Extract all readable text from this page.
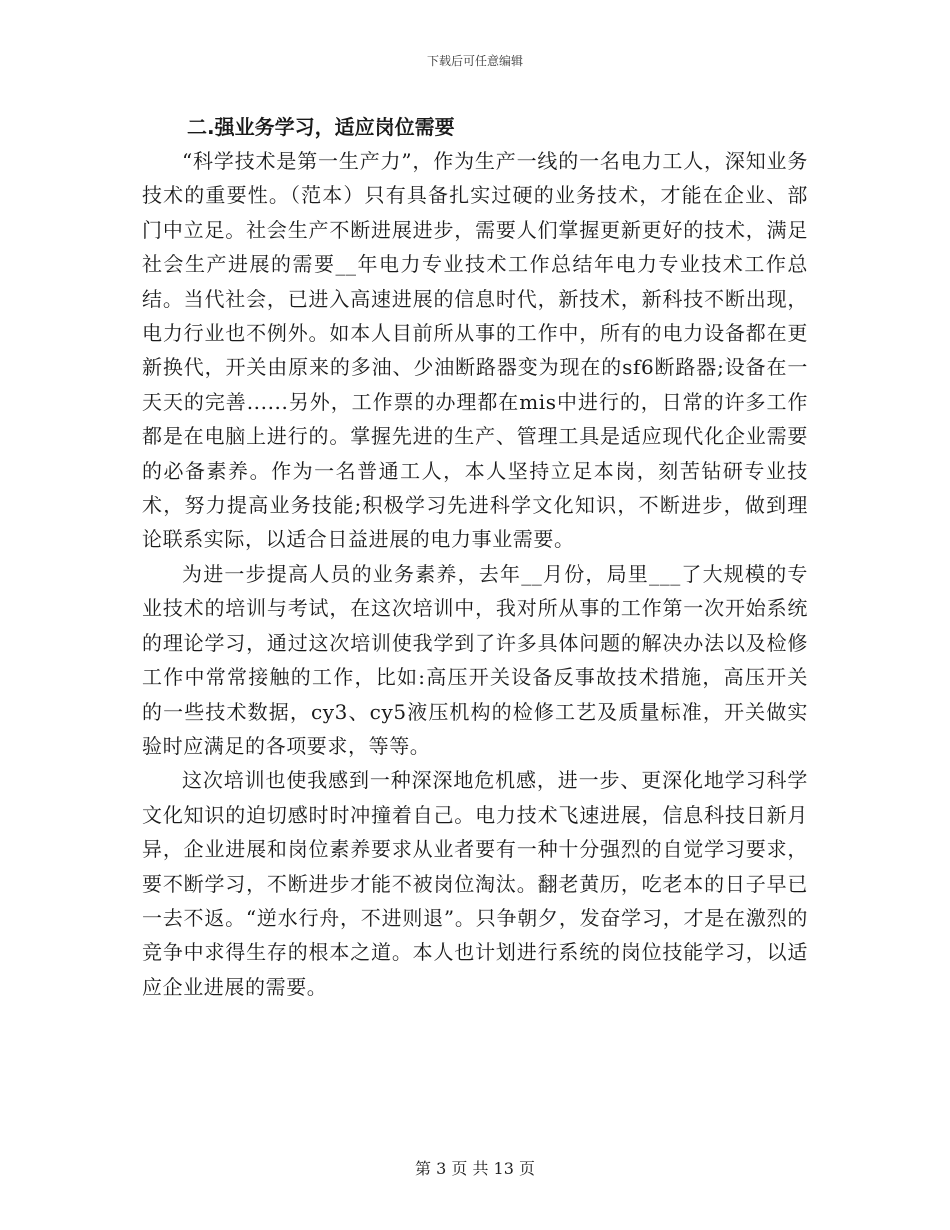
下载后可任意编辑
二.强业务学习，适应岗位需要

“科学技术是第一生产力”，作为生产一线的一名电力工人，深知业务技术的重要性。（范本）只有具备扎实过硬的业务技术，才能在企业、部门中立足。社会生产不断进展进步，需要人们掌握更新更好的技术，满足社会生产进展的需要__年电力专业技术工作总结年电力专业技术工作总结。当代社会，已进入高速进展的信息时代，新技术，新科技不断出现，电力行业也不例外。如本人目前所从事的工作中，所有的电力设备都在更新换代，开关由原来的多油、少油断路器变为现在的sf6断路器;设备在一天天的完善......另外，工作票的办理都在mis中进行的，日常的许多工作都是在电脑上进行的。掌握先进的生产、管理工具是适应现代化企业需要的必备素养。作为一名普通工人，本人坚持立足本岗，刻苦钻研专业技术，努力提高业务技能;积极学习先进科学文化知识，不断进步，做到理论联系实际，以适合日益进展的电力事业需要。

为进一步提高人员的业务素养，去年__月份，局里___了大规模的专业技术的培训与考试，在这次培训中，我对所从事的工作第一次开始系统的理论学习，通过这次培训使我学到了许多具体问题的解决办法以及检修工作中常常接触的工作，比如:高压开关设备反事故技术措施，高压开关的一些技术数据，cy3、cy5液压机构的检修工艺及质量标准，开关做实验时应满足的各项要求，等等。

这次培训也使我感到一种深深地危机感，进一步、更深化地学习科学文化知识的迫切感时时冲撞着自己。电力技术飞速进展，信息科技日新月异，企业进展和岗位素养要求从业者要有一种十分强烈的自觉学习要求，要不断学习，不断进步才能不被岗位淘汰。翻老黄历，吃老本的日子早已一去不返。“逆水行舟，不进则退”。只争朝夕，发奋学习，才是在激烈的竞争中求得生存的根本之道。本人也计划进行系统的岗位技能学习，以适应企业进展的需要。

第 3 页 共 13 页
